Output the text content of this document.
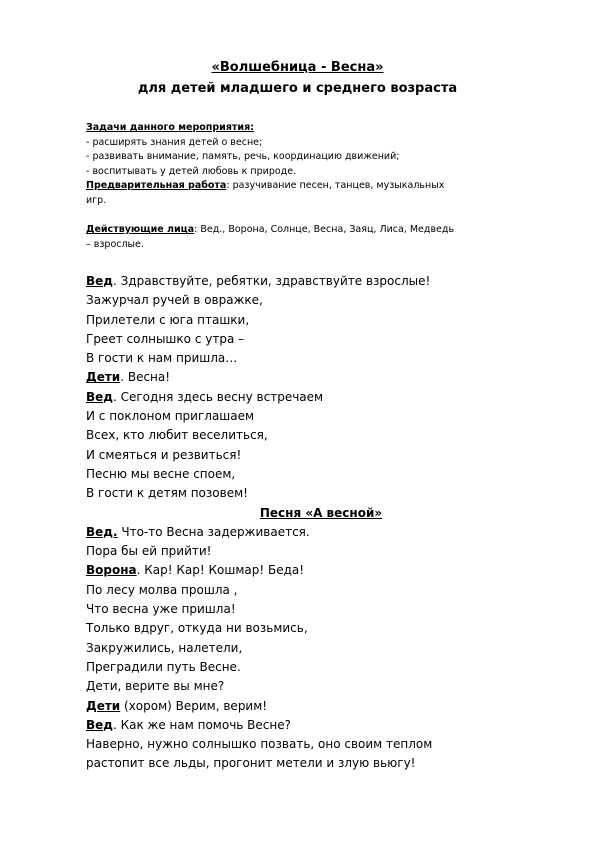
«Волшебница - Весна»
для детей младшего и среднего возраста
Задачи данного мероприятия:
- расширять знания детей о весне;
- развивать внимание, память, речь, координацию движений;
- воспитывать у детей любовь к природе.
Предварительная работа: разучивание песен, танцев, музыкальных
игр.
Действующие лица: Вед., Ворона, Солнце, Весна, Заяц, Лиса, Медведь
– взрослые.
Вед. Здравствуйте, ребятки, здравствуйте взрослые!
Зажурчал ручей в овражке,
Прилетели с юга пташки,
Греет солнышко с утра –
В гости к нам пришла…
Дети. Весна!
Вед. Сегодня здесь весну встречаем
И с поклоном приглашаем
Всех, кто любит веселиться,
И смеяться и резвиться!
Песню мы весне споем,
В гости к детям позовем!
Песня «А весной»
Вед. Что-то Весна задерживается.
Пора бы ей прийти!
Ворона. Кар! Кар! Кошмар! Беда!
По лесу молва прошла ,
Что весна уже пришла!
Только вдруг, откуда ни возьмись,
Закружились, налетели,
Преградили путь Весне.
Дети, верите вы мне?
Дети (хором) Верим, верим!
Вед. Как же нам помочь Весне?
Наверно, нужно солнышко позвать, оно своим теплом
растопит все льды, прогонит метели и злую вьюгу!
